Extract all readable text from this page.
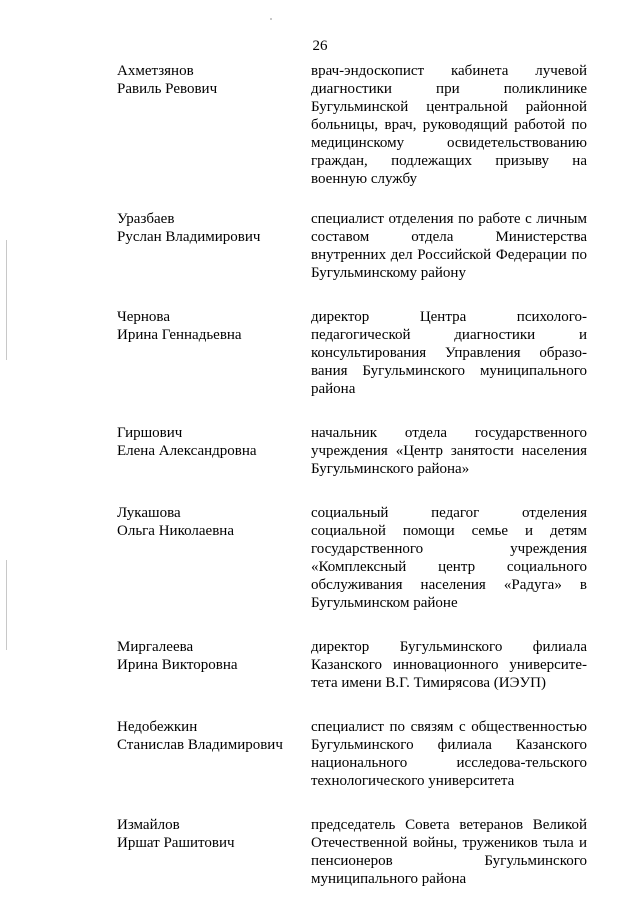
26
Ахметзянов
Равиль Ревович
врач-эндоскопист кабинета лучевой диагностики при поликлинике Бугульминской центральной районной больницы, врач, руководящий работой по медицинскому освидетельствованию граждан, подлежащих призыву на военную службу
Уразбаев
Руслан Владимирович
специалист отделения по работе с личным составом отдела Министерства внутренних дел Российской Федерации по Бугульминскому району
Чернова
Ирина Геннадьевна
директор Центра психолого-педагогической диагностики и консультирования Управления образо-вания Бугульминского муниципального района
Гиршович
Елена Александровна
начальник отдела государственного учреждения «Центр занятости населения Бугульминского района»
Лукашова
Ольга Николаевна
социальный педагог отделения социальной помощи семье и детям государственного учреждения «Комплексный центр социального обслуживания населения «Радуга» в Бугульминском районе
Миргалеева
Ирина Викторовна
директор Бугульминского филиала Казанского инновационного университе-тета имени В.Г. Тимирясова (ИЭУП)
Недобежкин
Станислав Владимирович
специалист по связям с общественностью Бугульминского филиала Казанского национального исследова-тельского технологического университета
Измайлов
Иршат Рашитович
председатель Совета ветеранов Великой Отечественной войны, тружеников тыла и пенсионеров Бугульминского муниципального района
